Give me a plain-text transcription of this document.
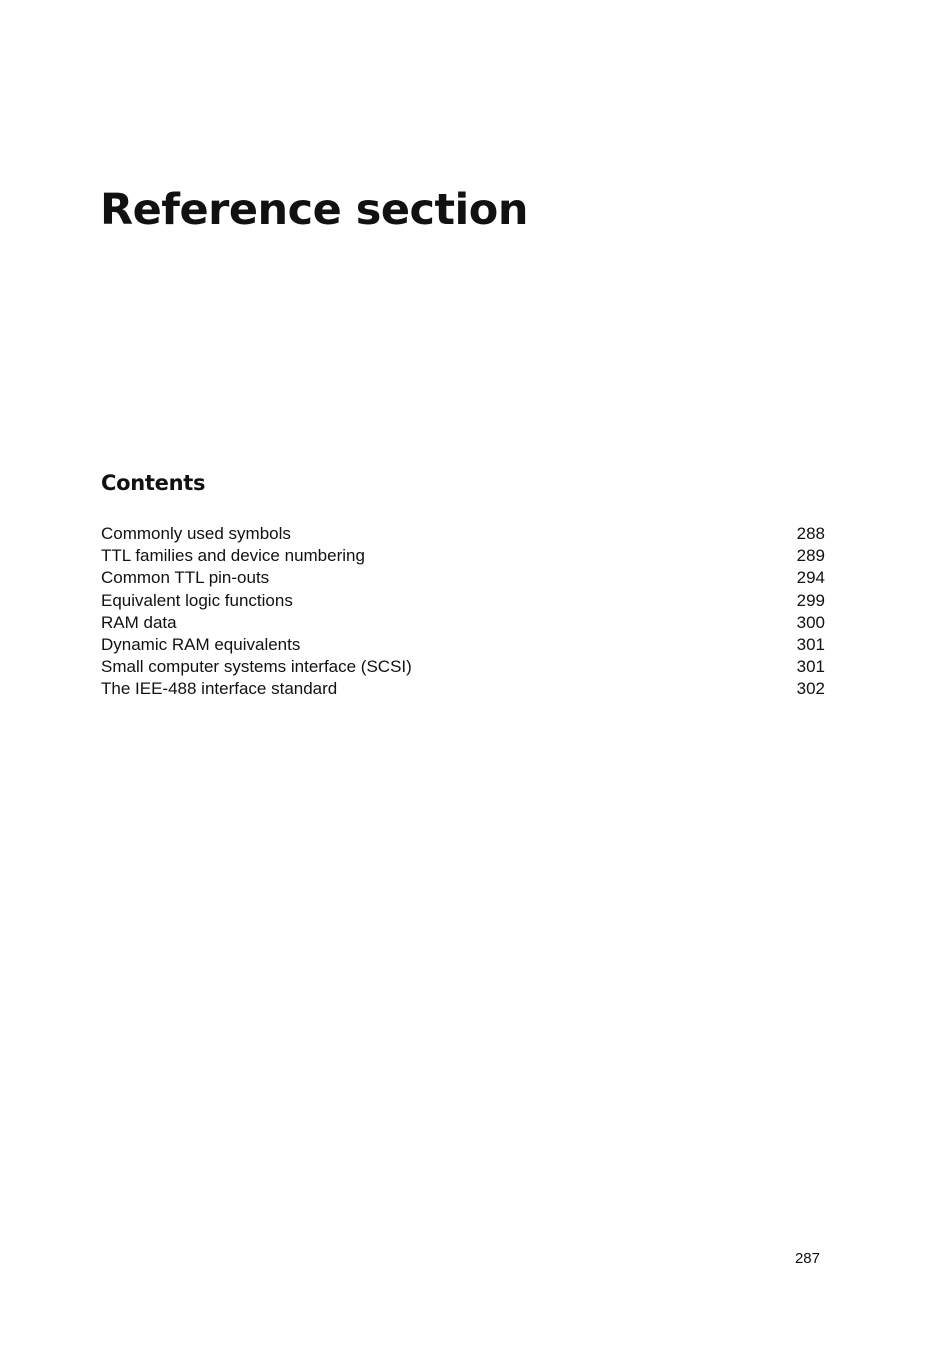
Reference section
Contents
Commonly used symbols	288
TTL families and device numbering	289
Common TTL pin-outs	294
Equivalent logic functions	299
RAM data	300
Dynamic RAM equivalents	301
Small computer systems interface (SCSI)	301
The IEE-488 interface standard	302
287
